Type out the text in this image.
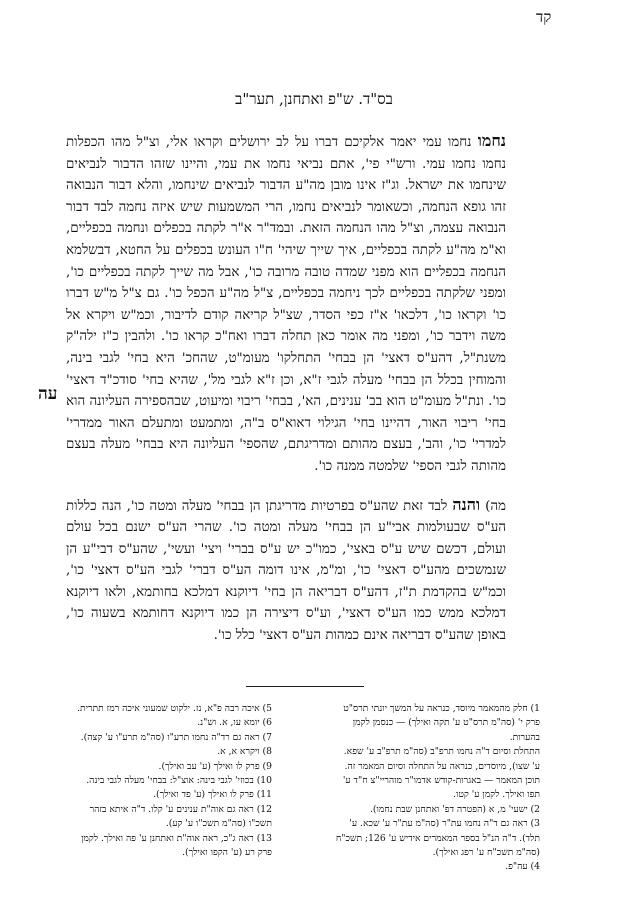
קד
בס"ד. ש"פ ואתחנן, תער"ב

נחמו נחמו עמי יאמר אלקיכם דברו על לב ירושלים וקראו אלי, וצ"ל מהו הכפלות נחמו נחמו עמי. ורש"י פי', אתם נביאי נחמו את עמי, והיינו שזהו הדבור לנביאים שינחמו את ישראל. וג"ז אינו מובן מה"ע הדבור לנביאים שינחמו, והלא דבור הנבואה זהו גופא הנחמה, וכשאומר לנביאים נחמו, הרי המשמעות שיש איזה נחמה לבד דבור הנבואה עצמה, וצ"ל מהו הנחמה הזאת. ובמד"ר א"ר לקתה בכפלים ונחמה בכפליים, וא"מ מה"ע לקתה בכפליים, איך שייך שיהי' ח"ו העונש בכפלים על החטא, דבשלמא הנחמה בכפליים הוא מפני שמדה טובה מרובה כו', אבל מה שייך לקתה בכפליים כו', ומפני שלקתה בכפליים לכך ניחמה בכפליים, צ"ל מה"ע הכפל כו'. גם צ"ל מ"ש דברו כו' וקראו כו', דלכאו' א"ז כפי הסדר, שצ"ל קריאה קודם לדיבור, וכמ"ש ויקרא אל משה וידבר כו', ומפני מה אומר כאן תחלה דברו ואח"כ קראו כו'. ולהבין כ"ז ילה"ק משנת"ל, דהע"ס דאצי' הן בבחי' התחלקו' מעומ"ט, שהחכ' היא בחי' לגבי בינה, והמוחין בכלל הן בבחי' מעלה לגבי ז"א, וכן ז"א לגבי מל', שהיא בחי' סודכ"ד דאצי' כו'. ונת"ל מעומ"ט הוא בב' ענינים, הא', בבחי' ריבוי ומיעוט, שבהספירה העליונה הוא בחי' ריבוי האור, דהיינו בחי' הגילוי דאוא"ס ב"ה, ומתמעט ומתעלם האור ממדרי' למדרי' כו', והב', בעצם מהותם ומדריגתם, שהספי' העליונה היא בבחי' מעלה בעצם מהותה לגבי הספי' שלמטה ממנה כו'.

מה) והנה לבד זאת שהע"ס בפרטיות מדריגתן הן בבחי' מעלה ומטה כו', הנה כללות הע"ס שבעולמות אבי"ע הן בבחי' מעלה ומטה כו'. שהרי הע"ס ישנם בכל עולם ועולם, דכשם שיש ע"ס באצי', כמו"כ יש ע"ס בברי' ויצי' ועשי', שהע"ס דבי"ע הן שנמשכים מהע"ס דאצי' כו', ומ"מ, אינו דומה הע"ס דברי' לגבי הע"ס דאצי' כו', וכמ"ש בהקדמת ת"ז, דהע"ס דבריאה הן בחי' דיוקנא דמלכא בחותמא, ולאו דיוקנא דמלכא ממש כמו הע"ס דאצי', וע"ס דיצירה הן כמו דיוקנא דחותמא בשעוה כו', באופן שהע"ס דבריאה אינם כמהות הע"ס דאצי' כלל כו'.

עה
1) חלק מהמאמר מיוסד, כנראה על המשך יונתי תרס"ט פרק י' (סה"מ תרס"ט ע' תקה ואילך) — כנסמן לקמן בהערות.
התחלת וסיום ד"ה נחמו תרפ"ב (סה"מ תרפ"ב ע' שפא. ע' שצו), מיוסדים, כנראה על התחלה וסיום המאמר זה.
תוכן המאמר — באגרות-קודש אדמו"ר מוהריי"צ ח"ד ע' תפו ואילך. לקמן ע' קטו.
2) ישעי' מ, א (הפטרה דפ' ואתחנן שבת נחמו).
3) ראה גם ד"ה נחמו עת"ר (סה"מ עת"ר ע' שכא. ע' תלד). ד"ה הנ"ל בספר המאמרים אידיש ע' 126; תשכ"ח (סה"מ תשכ"ח ע' רפג ואילך).
4) עה"פ.
5) איכה רבה פ"א, נז. ילקוט שמעוני איכה רמז תתרית.
6) יומא עו, א. וש"נ.
7) ראה גם רד"ה נחמו תרע"ו (סה"מ תרע"ו ע' קצה).
8) ויקרא א, א.
9) פרק לו ואילך (ע' עב ואילך).
10) בכוזי' לגבי בינה: אוצ"ל: בבחי' מעלה לגבי בינה.
11) פרק לו ואילך (ע' פד ואילך).
12) ראה גם אוה"ת ענינים ע' קלו. ד"ה איתא בזהר תשכ"ו (סה"מ תשכ"ו ע' קע).
13) ראה ג"כ, ראה אוה"ת ואתחנן ע' פה ואילך. לקמן פרק רע (ע' הקפו ואילך).
